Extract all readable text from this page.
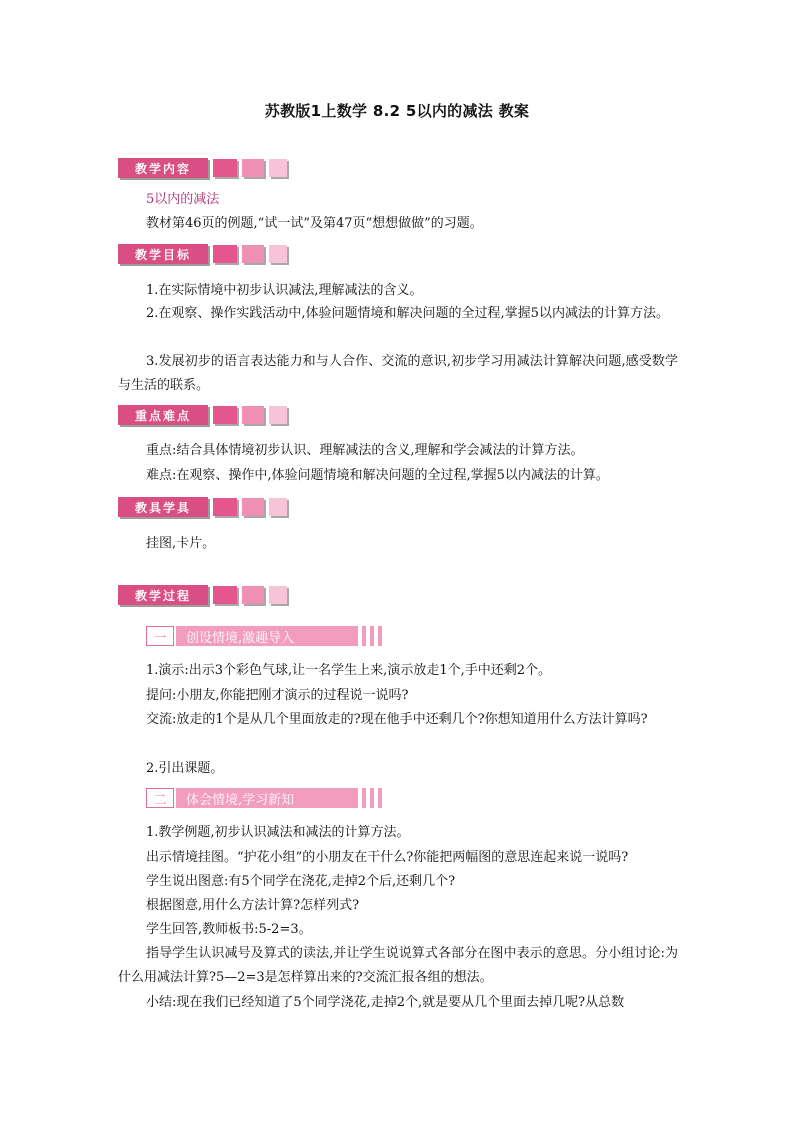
苏教版1上数学 8.2 5以内的减法 教案
教学内容
5以内的减法

教材第46页的例题,“试一试”及第47页“想想做做”的习题。

教学目标

1.在实际情境中初步认识减法,理解减法的含义。

2.在观察、操作实践活动中,体验问题情境和解决问题的全过程,掌握5以内减法的计算方法。

3.发展初步的语言表达能力和与人合作、交流的意识,初步学习用减法计算解决问题,感受数学与生活的联系。

重点难点

重点:结合具体情境初步认识、理解减法的含义,理解和学会减法的计算方法。

难点:在观察、操作中,体验问题情境和解决问题的全过程,掌握5以内减法的计算。

教具学具

挂图,卡片。

教学过程
一	创设情境,激趣导入

1.演示:出示3个彩色气球,让一名学生上来,演示放走1个,手中还剩2个。

提问:小朋友,你能把刚才演示的过程说一说吗?

交流:放走的1个是从几个里面放走的?现在他手中还剩几个?你想知道用什么方法计算吗?

2.引出课题。

二	体会情境,学习新知

1.教学例题,初步认识减法和减法的计算方法。

出示情境挂图。“护花小组”的小朋友在干什么?你能把两幅图的意思连起来说一说吗?

学生说出图意:有5个同学在浇花,走掉2个后,还剩几个?

根据图意,用什么方法计算?怎样列式?

学生回答,教师板书:5-2=3。

指导学生认识减号及算式的读法,并让学生说说算式各部分在图中表示的意思。分小组讨论:为什么用减法计算?5—2=3是怎样算出来的?交流汇报各组的想法。

小结:现在我们已经知道了5个同学浇花,走掉2个,就是要从几个里面去掉几呢?从总数
